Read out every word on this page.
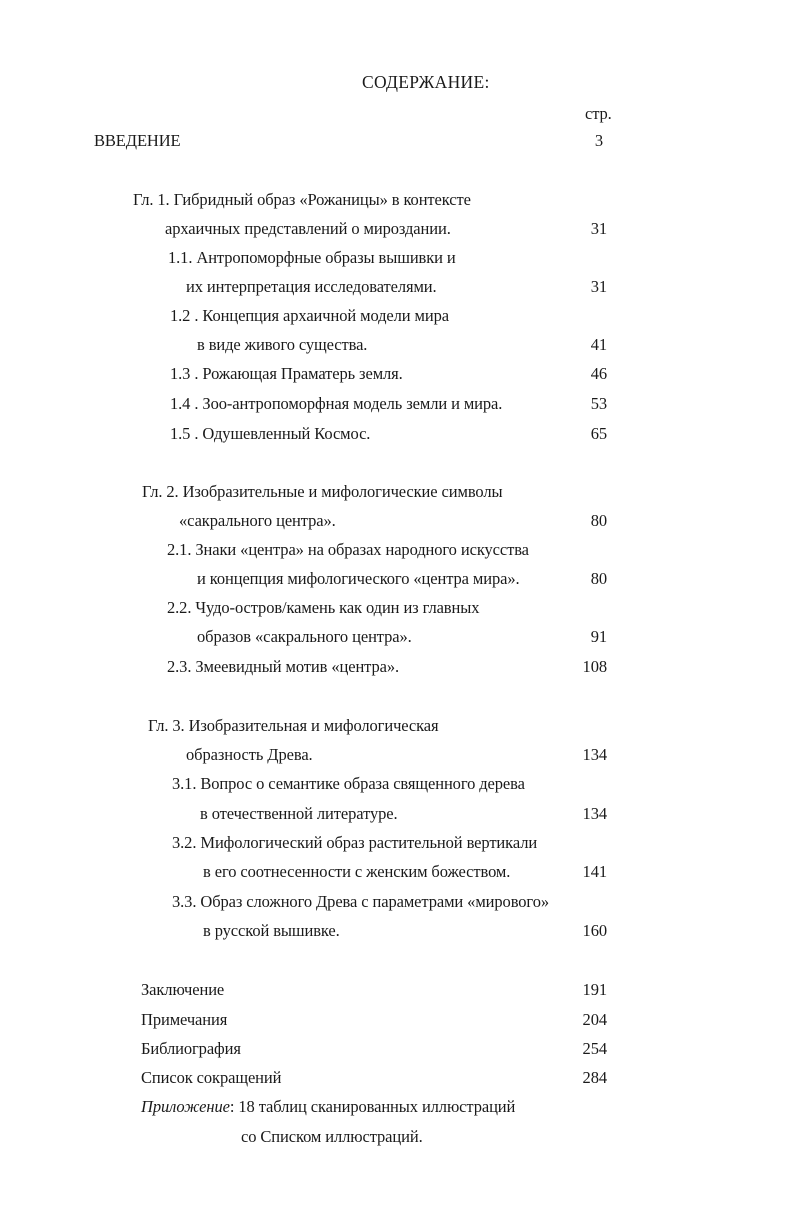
СОДЕРЖАНИЕ:
стр.
ВВЕДЕНИЕ	3
Гл. 1. Гибридный образ «Рожаницы» в контексте
архаичных представлений о мироздании.	31
1.1. Антропоморфные образы вышивки и
их интерпретация исследователями.	31
1.2 . Концепция архаичной модели мира
в виде живого существа.	41
1.3 . Рожающая Праматерь земля.	46
1.4 . Зоо-антропоморфная модель земли и мира.	53
1.5 . Одушевленный Космос.	65
Гл. 2. Изобразительные и мифологические символы
«сакрального центра».	80
2.1. Знаки «центра» на образах народного искусства
и концепция мифологического «центра мира».	80
2.2. Чудо-остров/камень как один из главных
образов «сакрального центра».	91
2.3. Змеевидный мотив «центра».	108
Гл. 3. Изобразительная и мифологическая
образность Древа.	134
3.1. Вопрос о семантике образа священного дерева
в отечественной литературе.	134
3.2. Мифологический образ растительной вертикали
в его соотнесенности с женским божеством.	141
3.3. Образ сложного Древа с параметрами «мирового»
в русской вышивке.	160
Заключение	191
Примечания	204
Библиография	254
Список сокращений	284
Приложение: 18 таблиц сканированных иллюстраций
со Списком иллюстраций.
